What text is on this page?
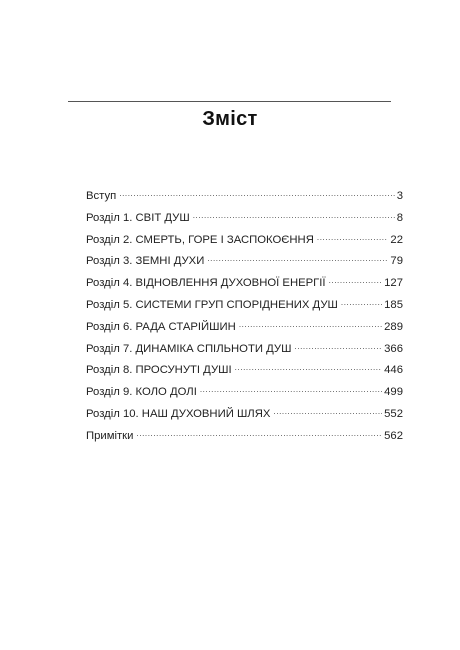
Зміст
Вступ .....	3
Розділ 1. СВІТ ДУШ .....	8
Розділ 2. СМЕРТЬ, ГОРЕ І ЗАСПОКОЄННЯ .....	22
Розділ 3. ЗЕМНІ ДУХИ .....	79
Розділ 4. ВІДНОВЛЕННЯ ДУХОВНОЇ ЕНЕРГІЇ .....	127
Розділ 5. СИСТЕМИ ГРУП СПОРІДНЕНИХ ДУШ .....	185
Розділ 6. РАДА СТАРІЙШИН .....	289
Розділ 7. ДИНАМІКА СПІЛЬНОТИ ДУШ .....	366
Розділ 8. ПРОСУНУТІ ДУШІ .....	446
Розділ 9. КОЛО ДОЛІ .....	499
Розділ 10. НАШ ДУХОВНИЙ ШЛЯХ .....	552
Примітки .....	562
